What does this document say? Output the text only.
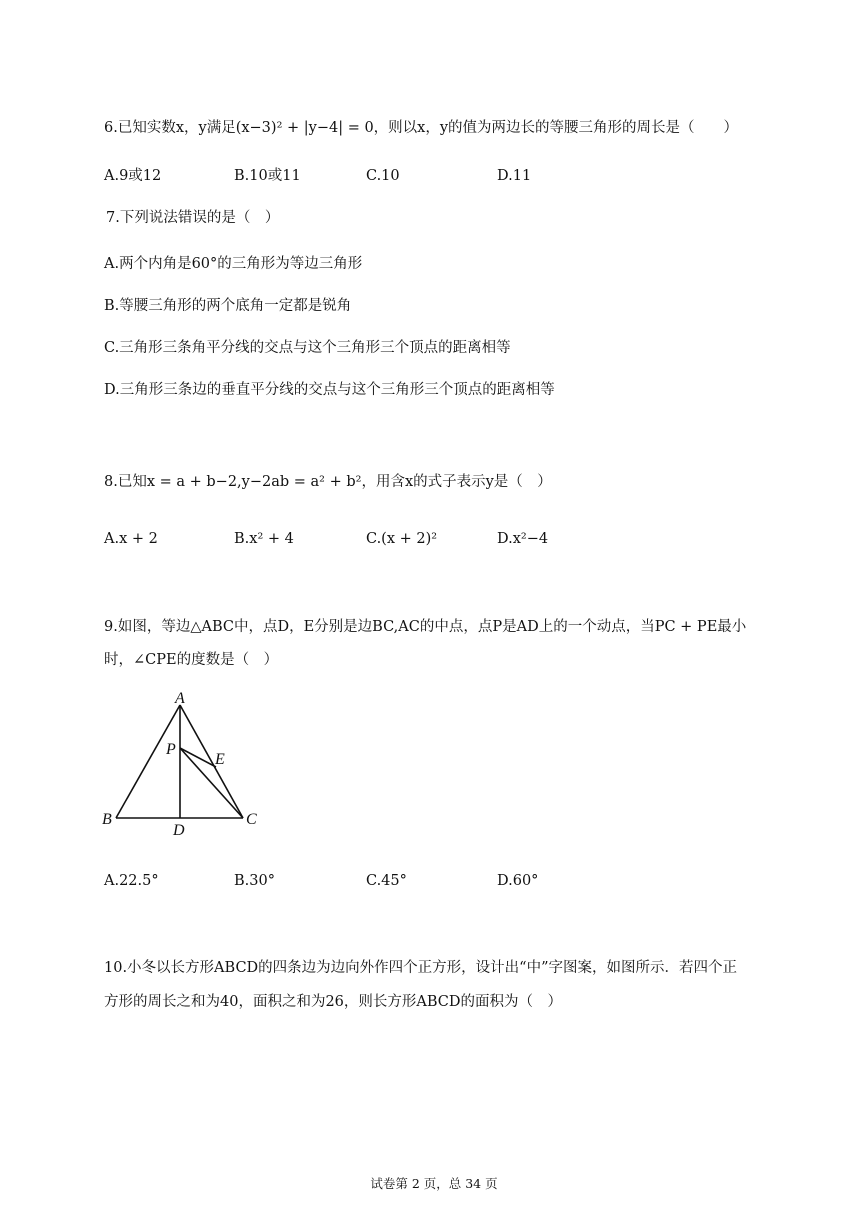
6.已知实数x，y满足(x−3)² + |y−4| = 0，则以x，y的值为两边长的等腰三角形的周长是（　　）
A.9或12	B.10或11	C.10	D.11
7.下列说法错误的是（　）
A.两个内角是60°的三角形为等边三角形
B.等腰三角形的两个底角一定都是锐角
C.三角形三条角平分线的交点与这个三角形三个顶点的距离相等
D.三角形三条边的垂直平分线的交点与这个三角形三个顶点的距离相等
8.已知x = a + b−2,y−2ab = a² + b²，用含x的式子表示y是（　）
A.x + 2	B.x² + 4	C.(x + 2)²	D.x²−4
9.如图，等边△ABC中，点D，E分别是边BC,AC的中点，点P是AD上的一个动点，当PC + PE最小
时，∠CPE的度数是（　）
A
B	C
D
E
P
A.22.5°	B.30°	C.45°	D.60°
10.小冬以长方形ABCD的四条边为边向外作四个正方形，设计出“中”字图案，如图所示．若四个正
方形的周长之和为40，面积之和为26，则长方形ABCD的面积为（　）
试卷第 2 页，总 34 页
